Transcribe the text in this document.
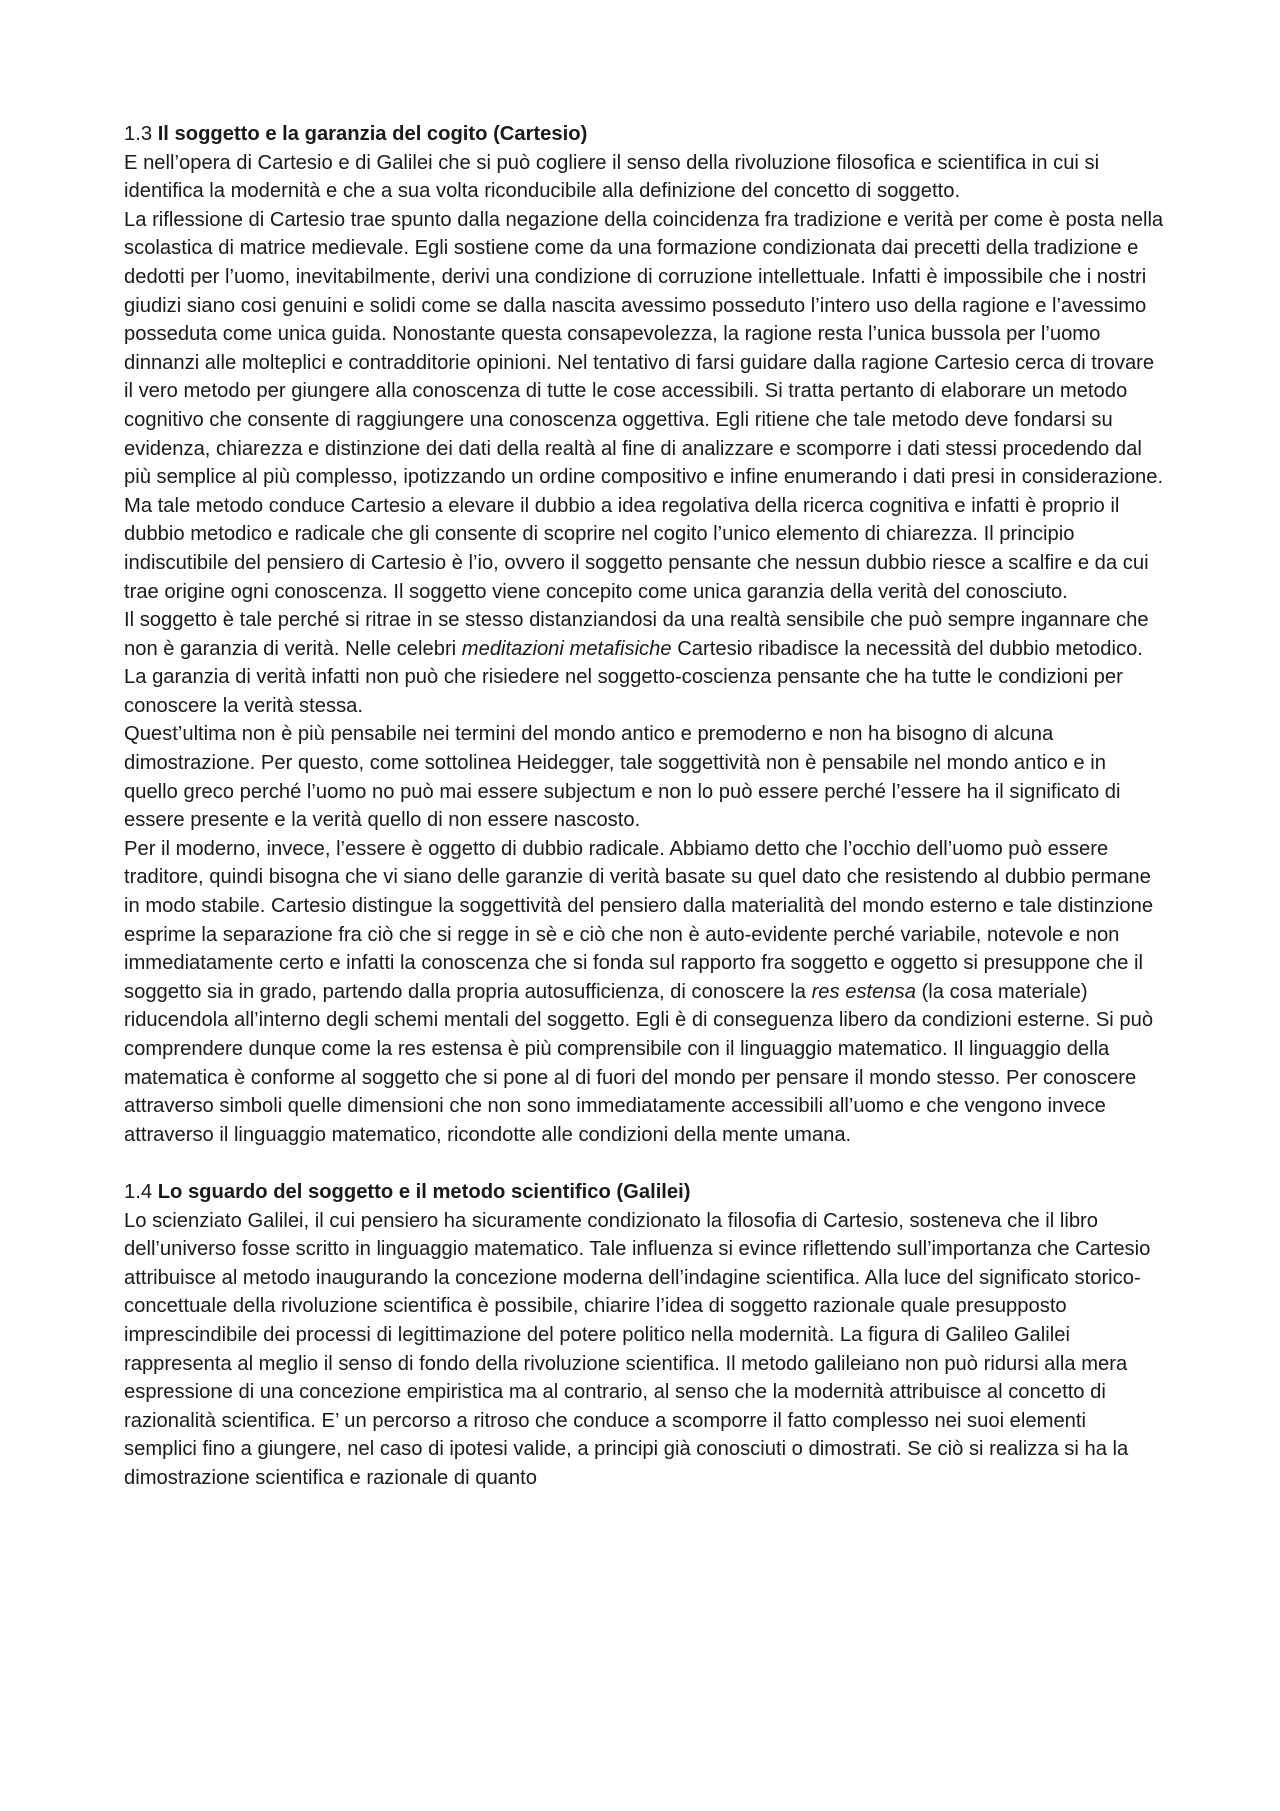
1.3 Il soggetto e la garanzia del cogito (Cartesio)

E nell’opera di Cartesio e di Galilei che si può cogliere il senso della rivoluzione filosofica e scientifica in cui si identifica la modernità e che a sua volta riconducibile alla definizione del concetto di soggetto.

La riflessione di Cartesio trae spunto dalla negazione della coincidenza fra tradizione e verità per come è posta nella scolastica di matrice medievale. Egli sostiene come da una formazione condizionata dai precetti della tradizione e dedotti per l’uomo, inevitabilmente, derivi una condizione di corruzione intellettuale. Infatti è impossibile che i nostri giudizi siano cosi genuini e solidi come se dalla nascita avessimo posseduto l’intero uso della ragione e l’avessimo posseduta come unica guida. Nonostante questa consapevolezza, la ragione resta l’unica bussola per l’uomo dinnanzi alle molteplici e contradditorie opinioni. Nel tentativo di farsi guidare dalla ragione Cartesio cerca di trovare il vero metodo per giungere alla conoscenza di tutte le cose accessibili. Si tratta pertanto di elaborare un metodo cognitivo che consente di raggiungere una conoscenza oggettiva. Egli ritiene che tale metodo deve fondarsi su evidenza, chiarezza e distinzione dei dati della realtà al fine di analizzare e scomporre i dati stessi procedendo dal più semplice al più complesso, ipotizzando un ordine compositivo e infine enumerando i dati presi in considerazione. Ma tale metodo conduce Cartesio a elevare il dubbio a idea regolativa della ricerca cognitiva e infatti è proprio il dubbio metodico e radicale che gli consente di scoprire nel cogito l’unico elemento di chiarezza. Il principio indiscutibile del pensiero di Cartesio è l’io, ovvero il soggetto pensante che nessun dubbio riesce a scalfire e da cui trae origine ogni conoscenza. Il soggetto viene concepito come unica garanzia della verità del conosciuto.

Il soggetto è tale perché si ritrae in se stesso distanziandosi da una realtà sensibile che può sempre ingannare che non è garanzia di verità. Nelle celebri meditazioni metafisiche Cartesio ribadisce la necessità del dubbio metodico. La garanzia di verità infatti non può che risiedere nel soggetto-coscienza pensante che ha tutte le condizioni per conoscere la verità stessa.

Quest’ultima non è più pensabile nei termini del mondo antico e premoderno e non ha bisogno di alcuna dimostrazione. Per questo, come sottolinea Heidegger, tale soggettività non è pensabile nel mondo antico e in quello greco perché l’uomo no può mai essere subjectum e non lo può essere perché l’essere ha il significato di essere presente e la verità quello di non essere nascosto.

Per il moderno, invece, l’essere è oggetto di dubbio radicale. Abbiamo detto che l’occhio dell’uomo può essere traditore, quindi bisogna che vi siano delle garanzie di verità basate su quel dato che resistendo al dubbio permane in modo stabile. Cartesio distingue la soggettività del pensiero dalla materialità del mondo esterno e tale distinzione esprime la separazione fra ciò che si regge in sè e ciò che non è auto-evidente perché variabile, notevole e non immediatamente certo e infatti la conoscenza che si fonda sul rapporto fra soggetto e oggetto si presuppone che il soggetto sia in grado, partendo dalla propria autosufficienza, di conoscere la res estensa (la cosa materiale) riducendola all’interno degli schemi mentali del soggetto. Egli è di conseguenza libero da condizioni esterne. Si può comprendere dunque come la res estensa è più comprensibile con il linguaggio matematico. Il linguaggio della matematica è conforme al soggetto che si pone al di fuori del mondo per pensare il mondo stesso. Per conoscere attraverso simboli quelle dimensioni che non sono immediatamente accessibili all’uomo e che vengono invece attraverso il linguaggio matematico, ricondotte alle condizioni della mente umana.

1.4 Lo sguardo del soggetto e il metodo scientifico (Galilei)

Lo scienziato Galilei, il cui pensiero ha sicuramente condizionato la filosofia di Cartesio, sosteneva che il libro dell’universo fosse scritto in linguaggio matematico. Tale influenza si evince riflettendo sull’importanza che Cartesio attribuisce al metodo inaugurando la concezione moderna dell’indagine scientifica. Alla luce del significato storico-concettuale della rivoluzione scientifica è possibile, chiarire l’idea di soggetto razionale quale presupposto imprescindibile dei processi di legittimazione del potere politico nella modernità. La figura di Galileo Galilei rappresenta al meglio il senso di fondo della rivoluzione scientifica. Il metodo galileiano non può ridursi alla mera espressione di una concezione empiristica ma al contrario, al senso che la modernità attribuisce al concetto di razionalità scientifica. E’ un percorso a ritroso che conduce a scomporre il fatto complesso nei suoi elementi semplici fino a giungere, nel caso di ipotesi valide, a principi già conosciuti o dimostrati. Se ciò si realizza si ha la dimostrazione scientifica e razionale di quanto
